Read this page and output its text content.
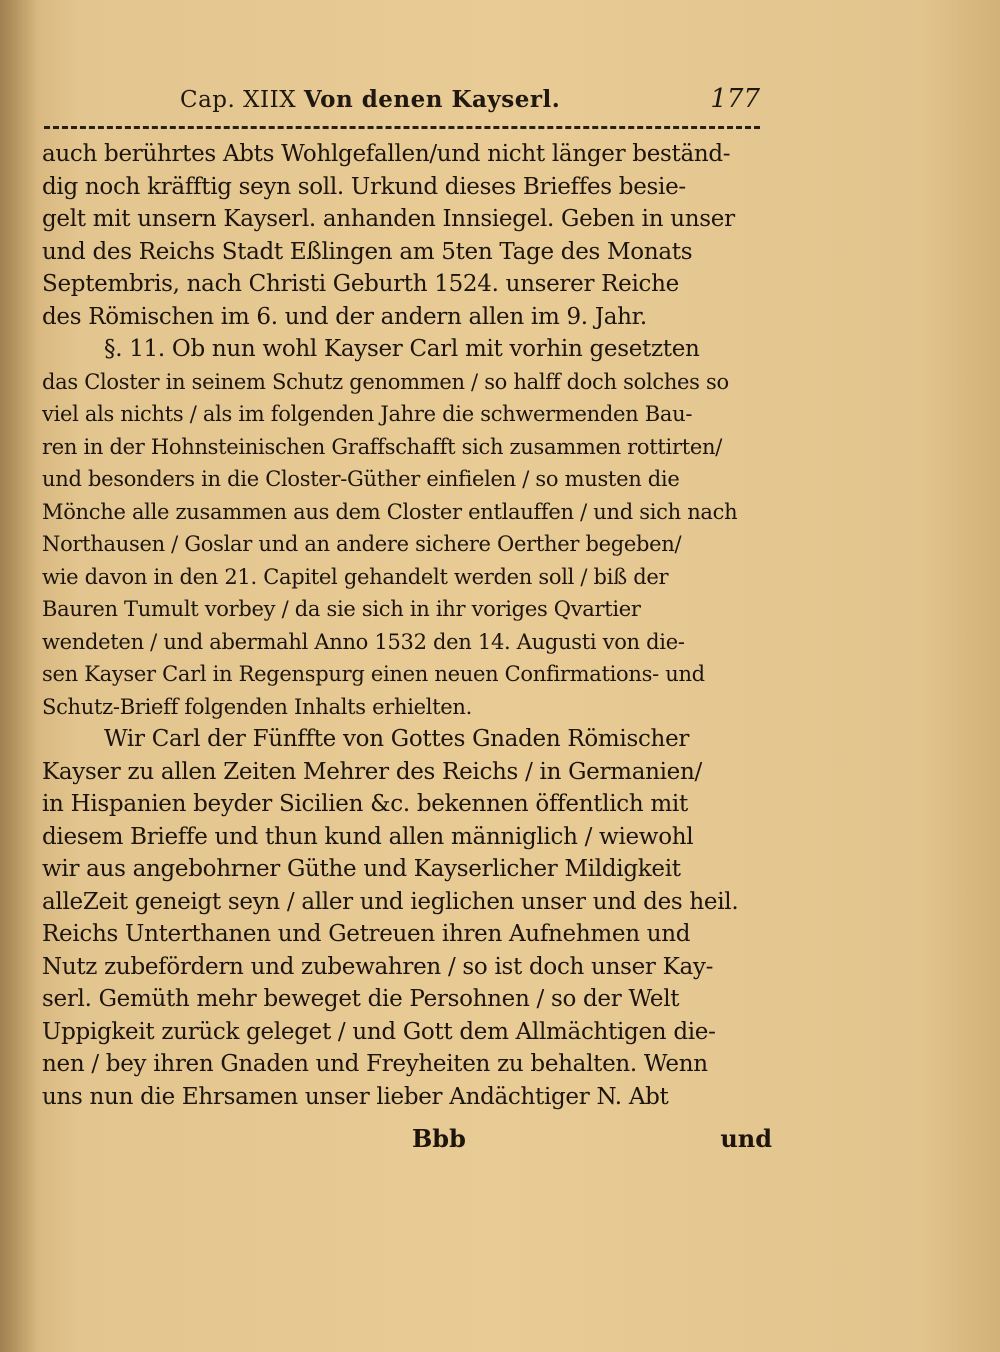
Cap. XIIX Von denen Kayserl.	177
auch berührtes Abts Wohlgefallen/und nicht länger beständ-
dig noch kräfftig seyn soll. Urkund dieses Brieffes besie-
gelt mit unsern Kayserl. anhanden Innsiegel. Geben in unser
und des Reichs Stadt Eßlingen am 5ten Tage des Monats
Septembris, nach Christi Geburth 1524. unserer Reiche
des Römischen im 6. und der andern allen im 9. Jahr.
§. 11. Ob nun wohl Kayser Carl mit vorhin gesetzten
das Closter in seinem Schutz genommen / so halff doch solches so
viel als nichts / als im folgenden Jahre die schwermenden Bau-
ren in der Hohnsteinischen Graffschafft sich zusammen rottirten/
und besonders in die Closter-Güther einfielen / so musten die
Mönche alle zusammen aus dem Closter entlauffen / und sich nach
Northausen / Goslar und an andere sichere Oerther begeben/
wie davon in den 21. Capitel gehandelt werden soll / biß der
Bauren Tumult vorbey / da sie sich in ihr voriges Qvartier
wendeten / und abermahl Anno 1532 den 14. Augusti von die-
sen Kayser Carl in Regenspurg einen neuen Confirmations- und
Schutz-Brieff folgenden Inhalts erhielten.
Wir Carl der Fünffte von Gottes Gnaden Römischer
Kayser zu allen Zeiten Mehrer des Reichs / in Germanien/
in Hispanien beyder Sicilien &c. bekennen öffentlich mit
diesem Brieffe und thun kund allen männiglich / wiewohl
wir aus angebohrner Güthe und Kayserlicher Mildigkeit
alleZeit geneigt seyn / aller und ieglichen unser und des heil.
Reichs Unterthanen und Getreuen ihren Aufnehmen und
Nutz zubefördern und zubewahren / so ist doch unser Kay-
serl. Gemüth mehr beweget die Persohnen / so der Welt
Uppigkeit zurück geleget / und Gott dem Allmächtigen die-
nen / bey ihren Gnaden und Freyheiten zu behalten. Wenn
uns nun die Ehrsamen unser lieber Andächtiger N. Abt
Bbb	und
